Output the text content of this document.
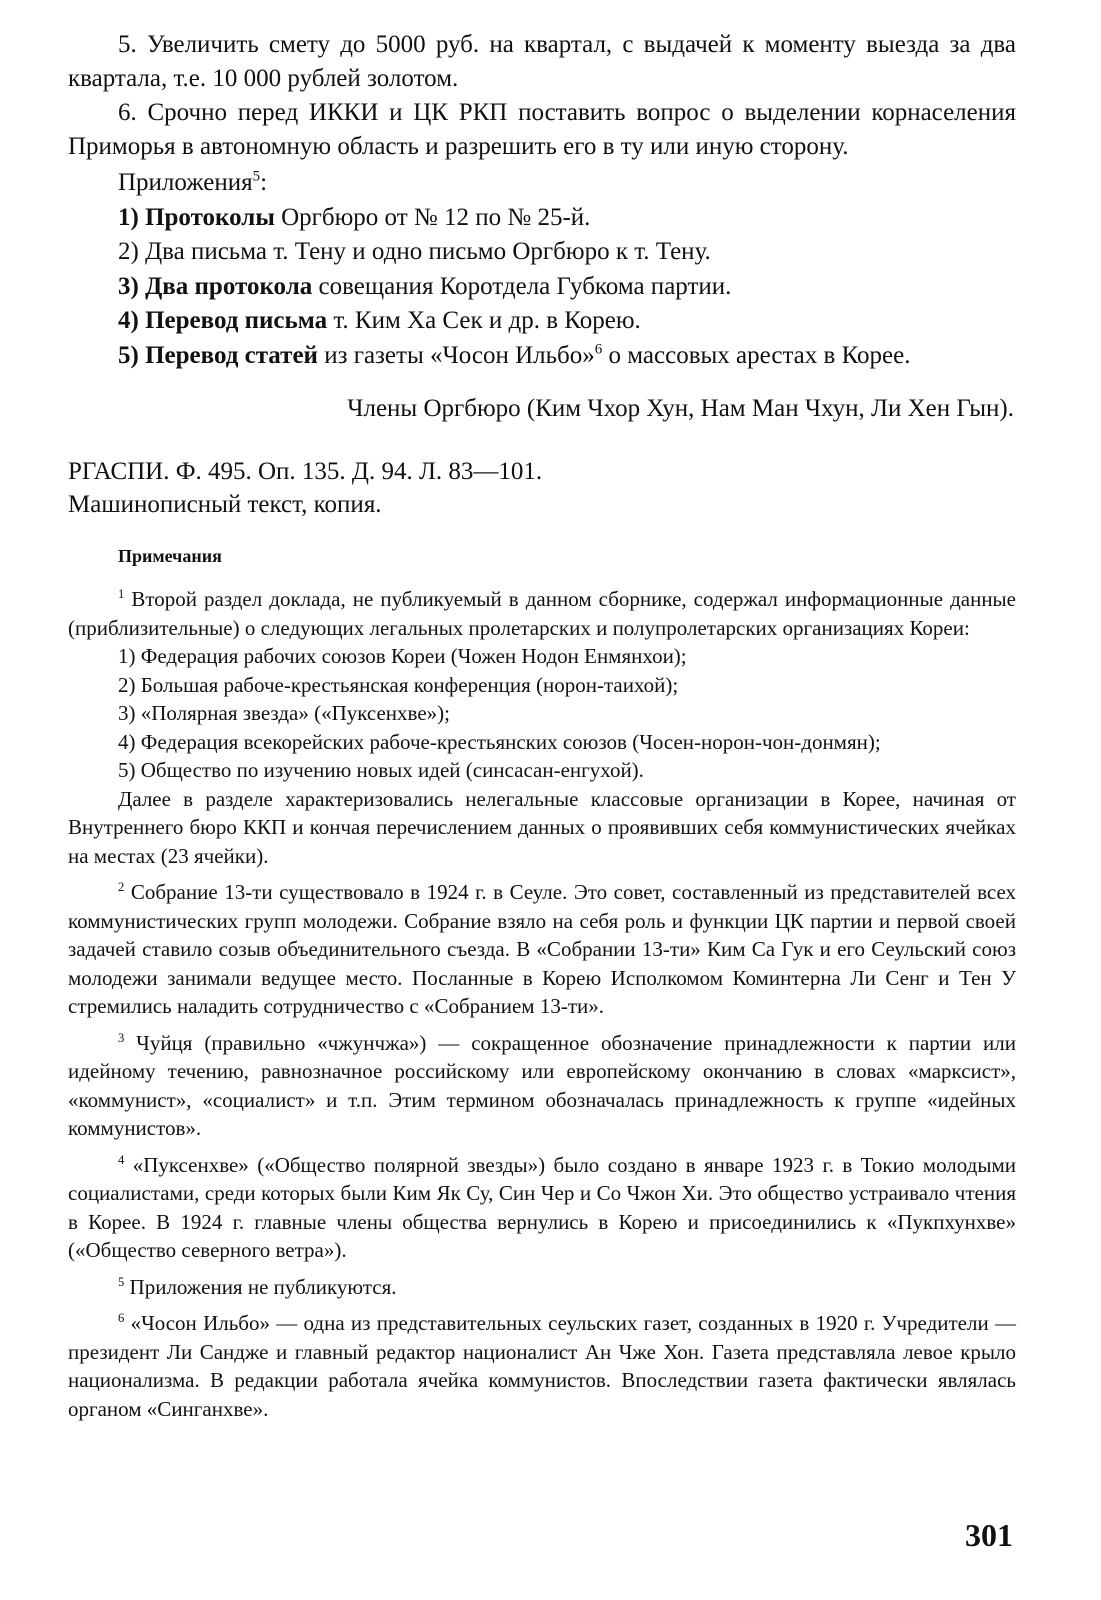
5. Увеличить смету до 5000 руб. на квартал, с выдачей к моменту выезда за два квартала, т.е. 10 000 рублей золотом.

6. Срочно перед ИККИ и ЦК РКП поставить вопрос о выделении корнаселения Приморья в автономную область и разрешить его в ту или иную сторону.

Приложения$^5$:

1) Протоколы Оргбюро от № 12 по № 25-й.

2) Два письма т. Тену и одно письмо Оргбюро к т. Тену.

3) Два протокола совещания Коротдела Губкома партии.

4) Перевод письма т. Ким Ха Сек и др. в Корею.

5) Перевод статей из газеты «Чосон Ильбо»$^6$ о массовых арестах в Корее.

Члены Оргбюро (Ким Чхор Хун, Нам Ман Чхун, Ли Хен Гын).

РГАСПИ. Ф. 495. Оп. 135. Д. 94. Л. 83—101.

Машинописный текст, копия.

Примечания

$^1$ Второй раздел доклада, не публикуемый в данном сборнике, содержал информационные данные (приблизительные) о следующих легальных пролетарских и полупролетарских организациях Кореи:

1) Федерация рабочих союзов Кореи (Чожен Нодон Енмянхои);

2) Большая рабоче-крестьянская конференция (норон-таихой);

3) «Полярная звезда» («Пуксенхве»);

4) Федерация всекорейских рабоче-крестьянских союзов (Чосен-норон-чон-донмян);

5) Общество по изучению новых идей (синсасан-енгухой).

Далее в разделе характеризовались нелегальные классовые организации в Корее, начиная от Внутреннего бюро ККП и кончая перечислением данных о проявивших себя коммунистических ячейках на местах (23 ячейки).

$^2$ Собрание 13-ти существовало в 1924 г. в Сеуле. Это совет, составленный из представителей всех коммунистических групп молодежи. Собрание взяло на себя роль и функции ЦК партии и первой своей задачей ставило созыв объединительного съезда. В «Собрании 13-ти» Ким Са Гук и его Сеульский союз молодежи занимали ведущее место. Посланные в Корею Исполкомом Коминтерна Ли Сенг и Тен У стремились наладить сотрудничество с «Собранием 13-ти».

$^3$ Чуйця (правильно «чжунчжа») — сокращенное обозначение принадлежности к партии или идейному течению, равнозначное российскому или европейскому окончанию в словах «марксист», «коммунист», «социалист» и т.п. Этим термином обозначалась принадлежность к группе «идейных коммунистов».

$^4$ «Пуксенхве» («Общество полярной звезды») было создано в январе 1923 г. в Токио молодыми социалистами, среди которых были Ким Як Су, Син Чер и Со Чжон Хи. Это общество устраивало чтения в Корее. В 1924 г. главные члены общества вернулись в Корею и присоединились к «Пукпхунхве» («Общество северного ветра»).

$^5$ Приложения не публикуются.

$^6$ «Чосон Ильбо» — одна из представительных сеульских газет, созданных в 1920 г. Учредители — президент Ли Сандже и главный редактор националист Ан Чже Хон. Газета представляла левое крыло национализма. В редакции работала ячейка коммунистов. Впоследствии газета фактически являлась органом «Синганхве».

301
